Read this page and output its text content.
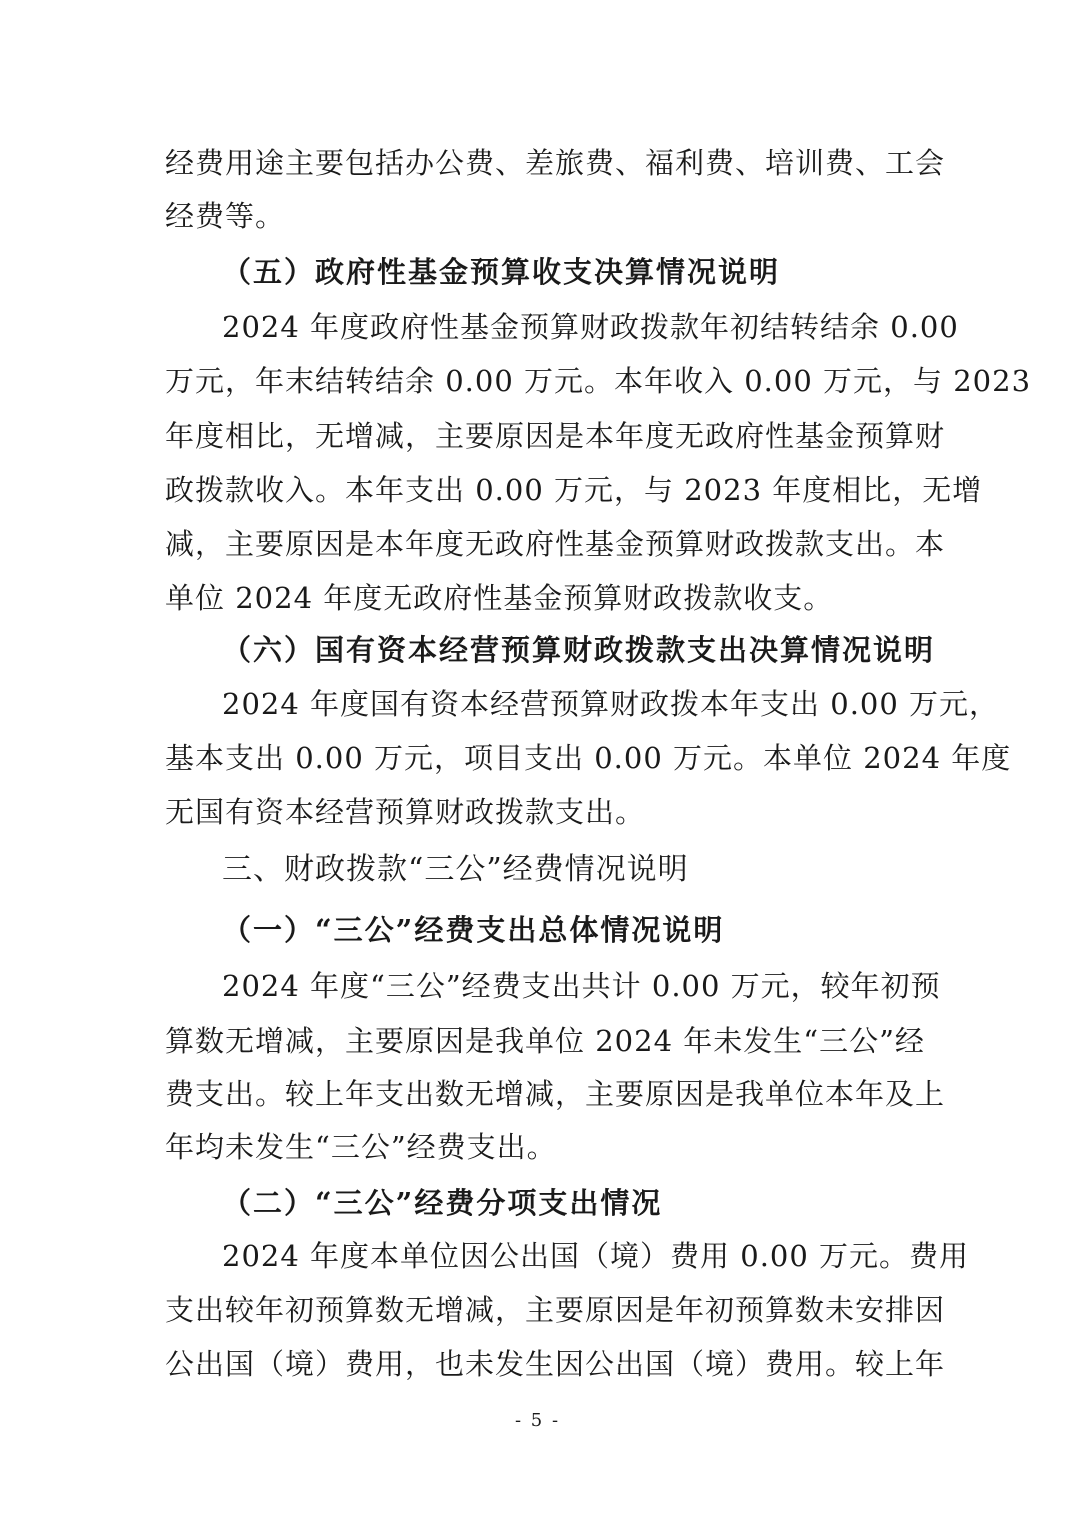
经费用途主要包括办公费、差旅费、福利费、培训费、工会
经费等。
（五）政府性基金预算收支决算情况说明
2024 年度政府性基金预算财政拨款年初结转结余 0.00
万元，年末结转结余 0.00 万元。本年收入 0.00 万元，与 2023
年度相比，无增减，主要原因是本年度无政府性基金预算财
政拨款收入。本年支出 0.00 万元，与 2023 年度相比，无增
减，主要原因是本年度无政府性基金预算财政拨款支出。本
单位 2024 年度无政府性基金预算财政拨款收支。
（六）国有资本经营预算财政拨款支出决算情况说明
2024 年度国有资本经营预算财政拨本年支出 0.00 万元，
基本支出 0.00 万元，项目支出 0.00 万元。本单位 2024 年度
无国有资本经营预算财政拨款支出。
三、财政拨款“三公”经费情况说明
（一）“三公”经费支出总体情况说明
2024 年度“三公”经费支出共计 0.00 万元，较年初预
算数无增减，主要原因是我单位 2024 年未发生“三公”经
费支出。较上年支出数无增减，主要原因是我单位本年及上
年均未发生“三公”经费支出。
（二）“三公”经费分项支出情况
2024 年度本单位因公出国（境）费用 0.00 万元。费用
支出较年初预算数无增减，主要原因是年初预算数未安排因
公出国（境）费用，也未发生因公出国（境）费用。较上年
- 5 -
